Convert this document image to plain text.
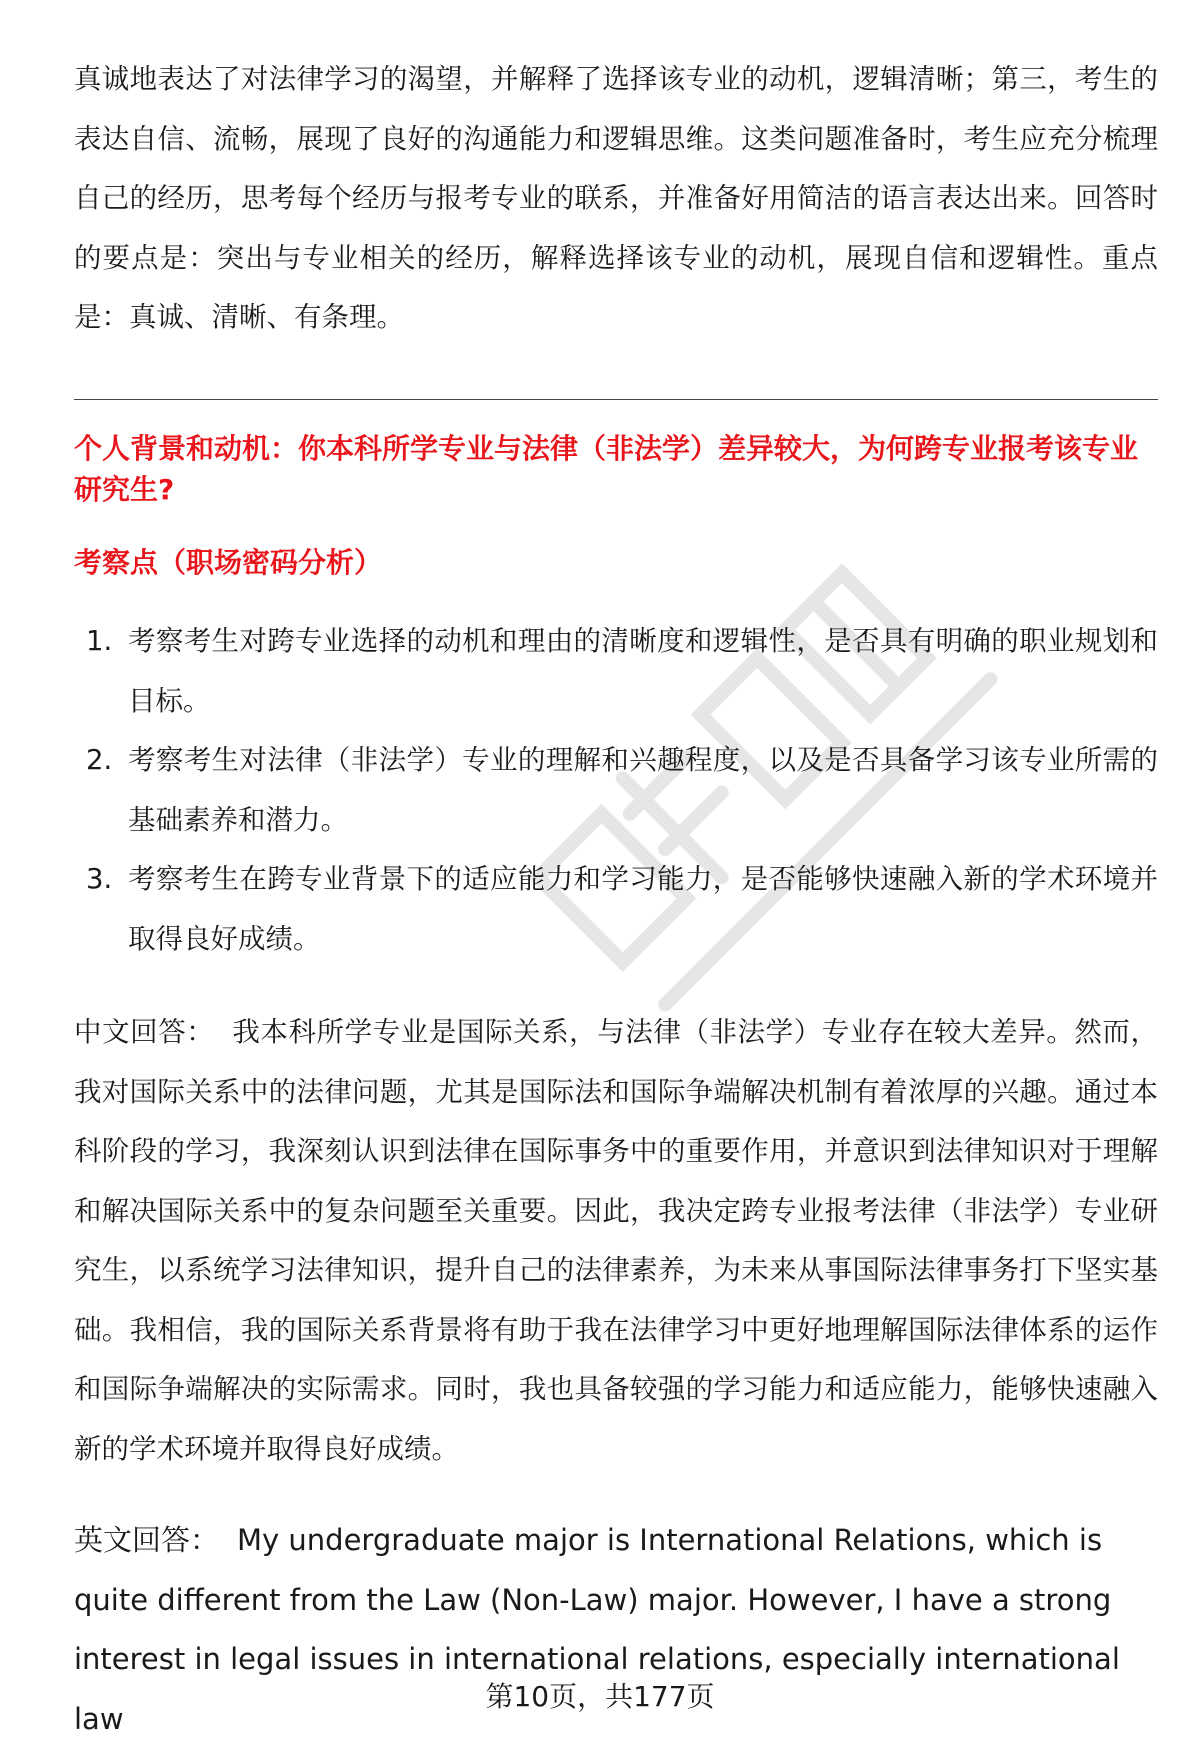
真诚地表达了对法律学习的渴望，并解释了选择该专业的动机，逻辑清晰；第三，考生的表达自信、流畅，展现了良好的沟通能力和逻辑思维。这类问题准备时，考生应充分梳理自己的经历，思考每个经历与报考专业的联系，并准备好用简洁的语言表达出来。回答时的要点是：突出与专业相关的经历，解释选择该专业的动机，展现自信和逻辑性。重点是：真诚、清晰、有条理。

个人背景和动机：你本科所学专业与法律（非法学）差异较大，为何跨专业报考该专业研究生?
考察点（职场密码分析）
1. 考察考生对跨专业选择的动机和理由的清晰度和逻辑性，是否具有明确的职业规划和目标。
2. 考察考生对法律（非法学）专业的理解和兴趣程度，以及是否具备学习该专业所需的基础素养和潜力。
3. 考察考生在跨专业背景下的适应能力和学习能力，是否能够快速融入新的学术环境并取得良好成绩。

中文回答： 我本科所学专业是国际关系，与法律（非法学）专业存在较大差异。然而，我对国际关系中的法律问题，尤其是国际法和国际争端解决机制有着浓厚的兴趣。通过本科阶段的学习，我深刻认识到法律在国际事务中的重要作用，并意识到法律知识对于理解和解决国际关系中的复杂问题至关重要。因此，我决定跨专业报考法律（非法学）专业研究生，以系统学习法律知识，提升自己的法律素养，为未来从事国际法律事务打下坚实基础。我相信，我的国际关系背景将有助于我在法律学习中更好地理解国际法律体系的运作和国际争端解决的实际需求。同时，我也具备较强的学习能力和适应能力，能够快速融入新的学术环境并取得良好成绩。

英文回答： My undergraduate major is International Relations, which is quite different from the Law (Non-Law) major. However, I have a strong interest in legal issues in international relations, especially international law

第10页，共177页
